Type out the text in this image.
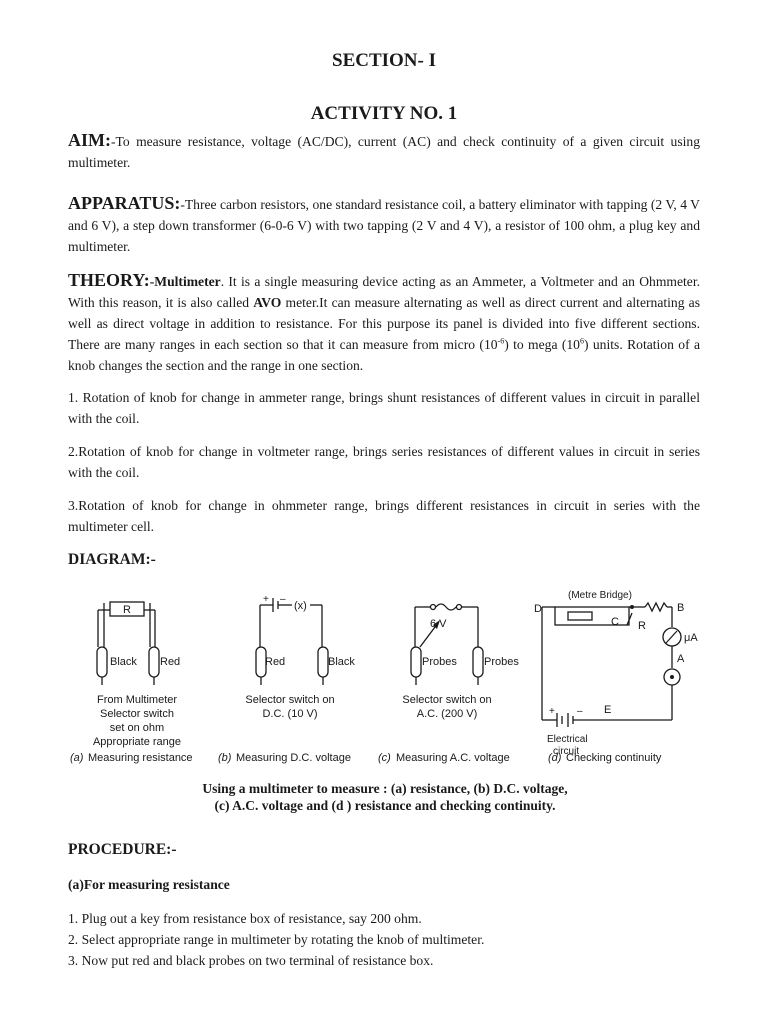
SECTION- I
ACTIVITY NO. 1

AIM:-To measure resistance, voltage (AC/DC), current (AC) and check continuity of a given circuit using multimeter.

APPARATUS:-Three carbon resistors, one standard resistance coil, a battery eliminator with tapping (2 V, 4 V and 6 V), a step down transformer (6-0-6 V) with two tapping (2 V and 4 V), a resistor of 100 ohm, a plug key and multimeter.

THEORY:-Multimeter. It is a single measuring device acting as an Ammeter, a Voltmeter and an Ohmmeter. With this reason, it is also called AVO meter.It can measure alternating as well as direct current and alternating as well as direct voltage in addition to resistance. For this purpose its panel is divided into five different sections. There are many ranges in each section so that it can measure from micro $(10^{-6})$ to mega $(10^6)$ units. Rotation of a knob changes the section and the range in one section.

1. Rotation of knob for change in ammeter range, brings shunt resistances of different values in circuit in parallel with the coil.

2.Rotation of knob for change in voltmeter range, brings series resistances of different values in circuit in series with the coil.

3.Rotation of knob for change in ohmmeter range, brings different resistances in circuit in series with the multimeter cell.

DIAGRAM:-
R
Black Red
From Multimeter
Selector switch
set on ohm
Appropriate range
(a) Measuring resistance
+ –
(x)
Red	Black
Selector switch on
D.C. (10 V)
(b) Measuring D.C. voltage
6 V
Probes Probes
Selector switch on
A.C. (200 V)
(c) Measuring A.C. voltage
(Metre Bridge)
D	B
C R
μA
A
E
+ –
Electrical
circuit
(d) Checking continuity
Using a multimeter to measure : (a) resistance, (b) D.C. voltage,
(c) A.C. voltage and (d ) resistance and checking continuity.
PROCEDURE:-
(a)For measuring resistance
1. Plug out a key from resistance box of resistance, say 200 ohm.
2. Select appropriate range in multimeter by rotating the knob of multimeter.
3. Now put red and black probes on two terminal of resistance box.
